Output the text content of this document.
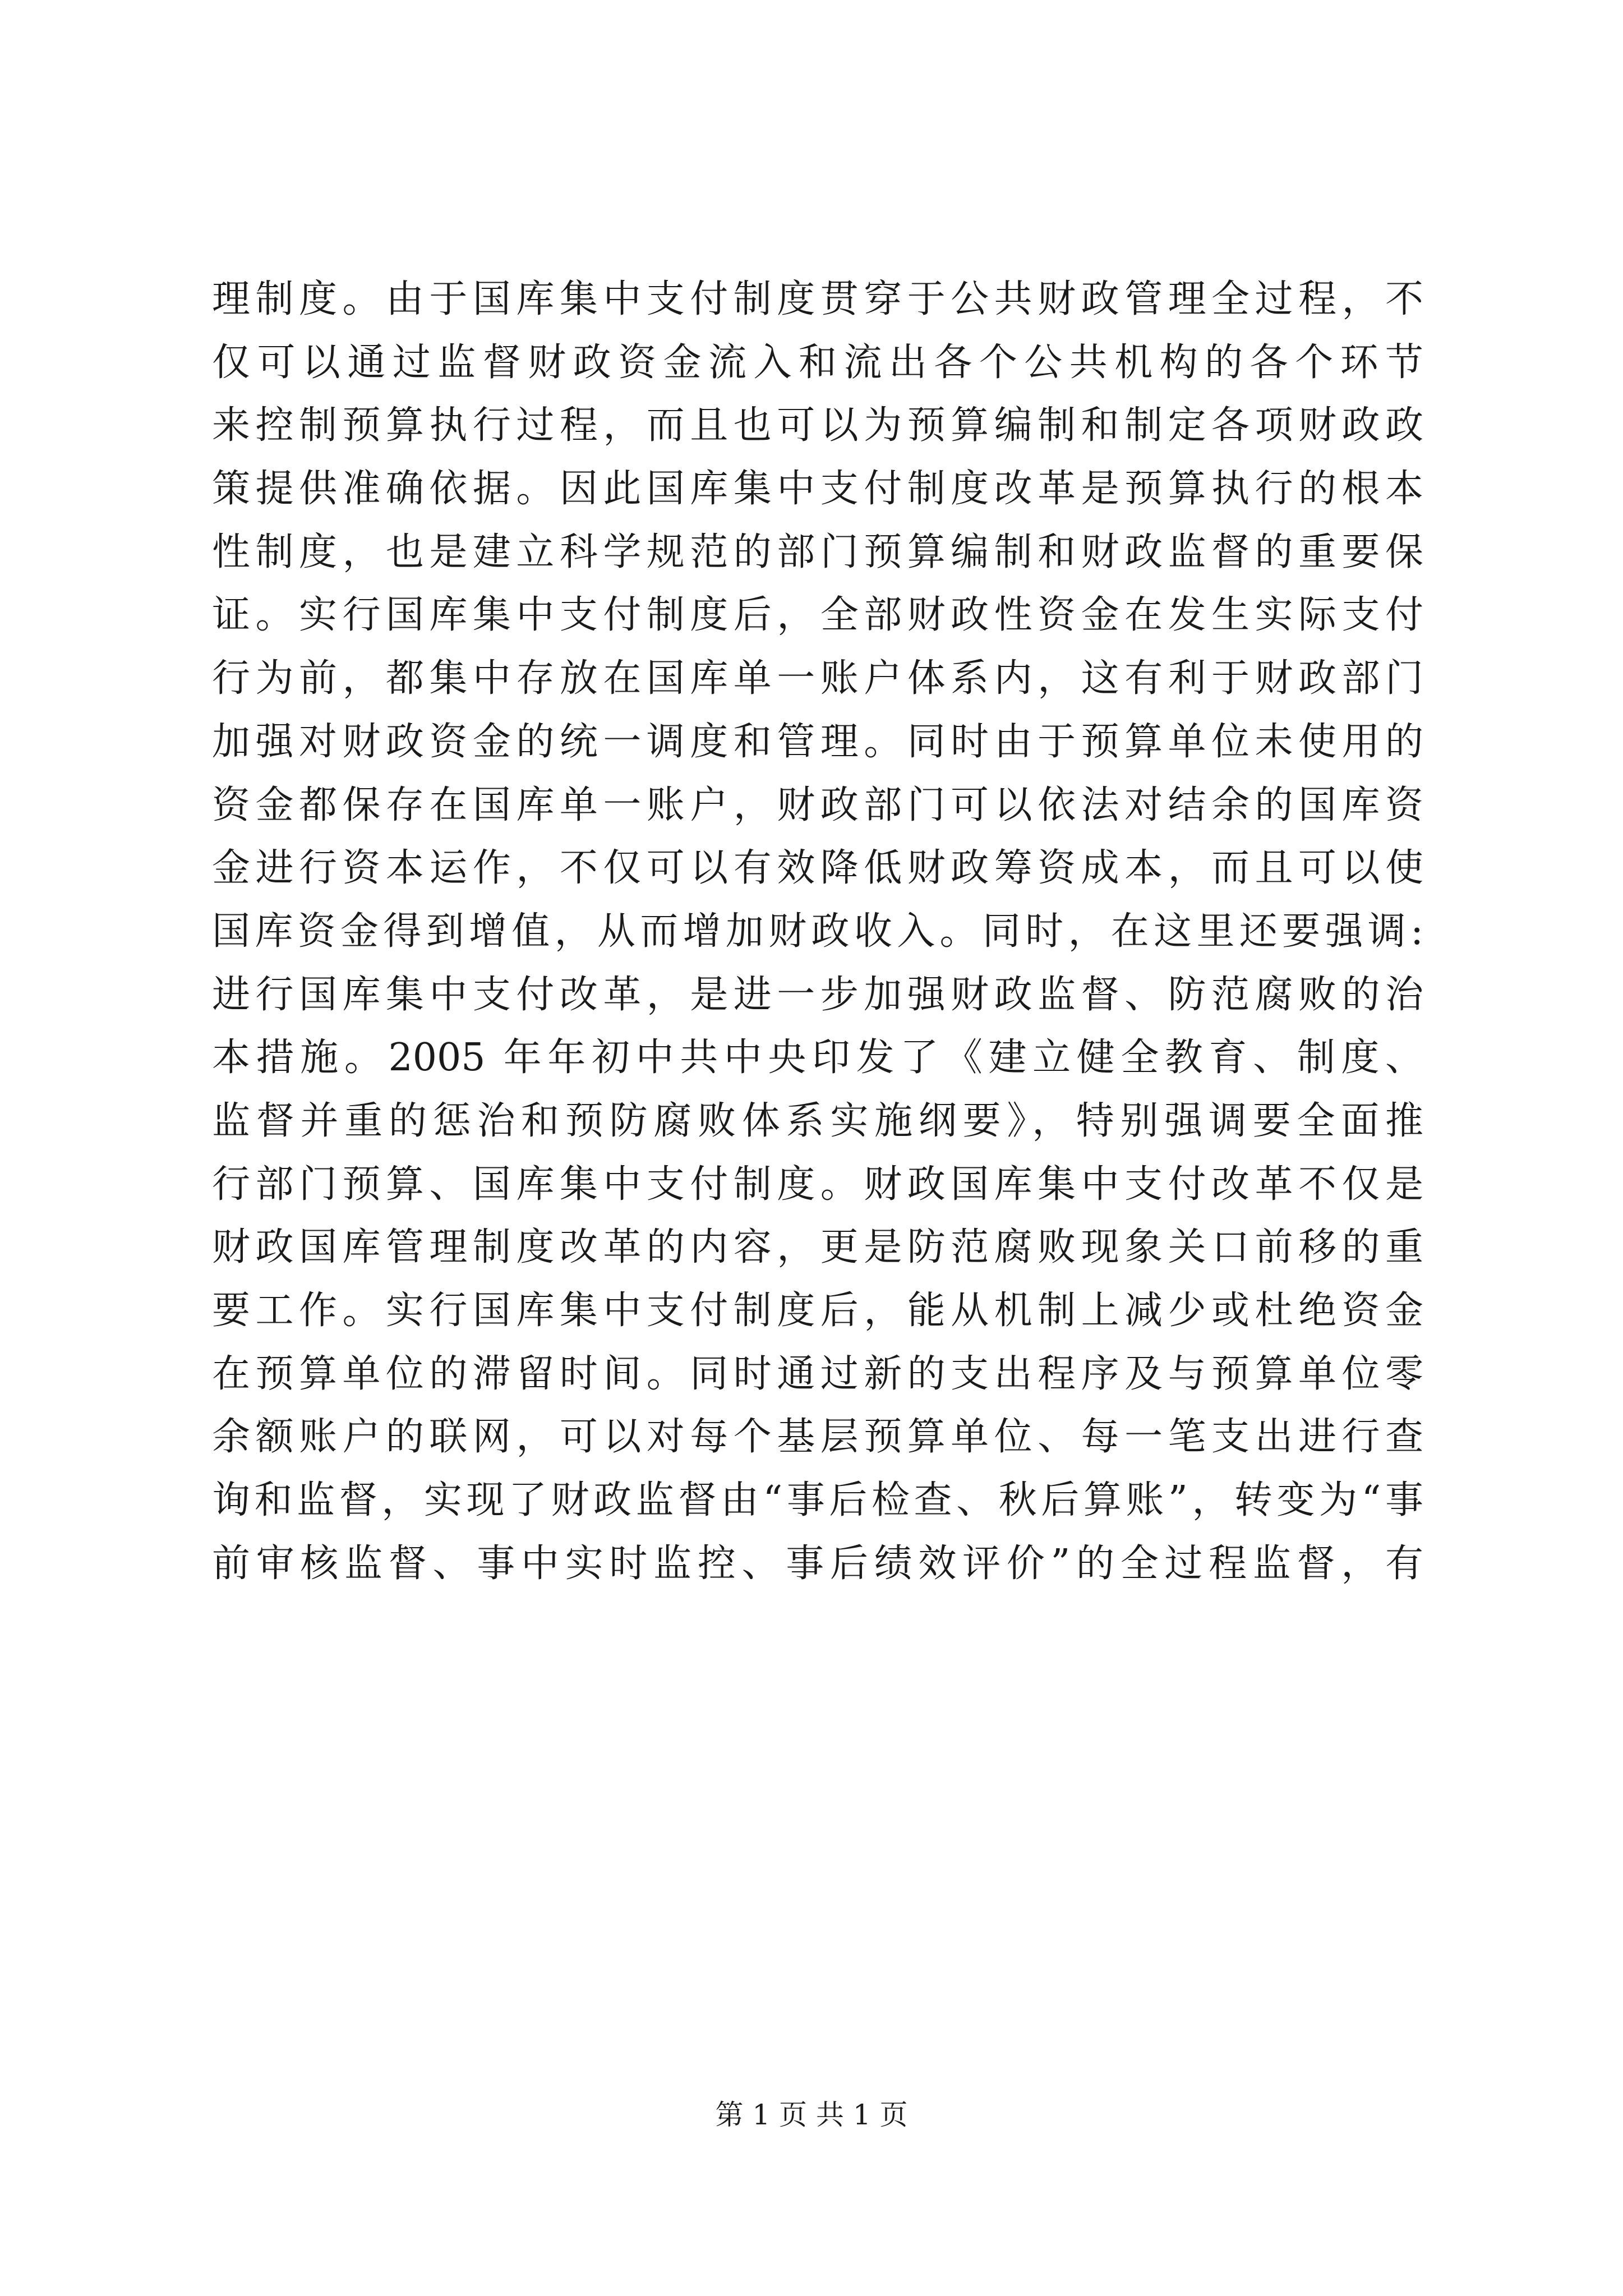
理制度。由于国库集中支付制度贯穿于公共财政管理全过程，不
仅可以通过监督财政资金流入和流出各个公共机构的各个环节
来控制预算执行过程，而且也可以为预算编制和制定各项财政政
策提供准确依据。因此国库集中支付制度改革是预算执行的根本
性制度，也是建立科学规范的部门预算编制和财政监督的重要保
证。实行国库集中支付制度后，全部财政性资金在发生实际支付
行为前，都集中存放在国库单一账户体系内，这有利于财政部门
加强对财政资金的统一调度和管理。同时由于预算单位未使用的
资金都保存在国库单一账户，财政部门可以依法对结余的国库资
金进行资本运作，不仅可以有效降低财政筹资成本，而且可以使
国库资金得到增值，从而增加财政收入。同时，在这里还要强调:
进行国库集中支付改革，是进一步加强财政监督、防范腐败的治
本措施。2005 年年初中共中央印发了《建立健全教育、制度、
监督并重的惩治和预防腐败体系实施纲要》，特别强调要全面推
行部门预算、国库集中支付制度。财政国库集中支付改革不仅是
财政国库管理制度改革的内容，更是防范腐败现象关口前移的重
要工作。实行国库集中支付制度后，能从机制上减少或杜绝资金
在预算单位的滞留时间。同时通过新的支出程序及与预算单位零
余额账户的联网，可以对每个基层预算单位、每一笔支出进行查
询和监督，实现了财政监督由“事后检查、秋后算账”，转变为“事
前审核监督、事中实时监控、事后绩效评价”的全过程监督，有
第 1 页 共 1 页
